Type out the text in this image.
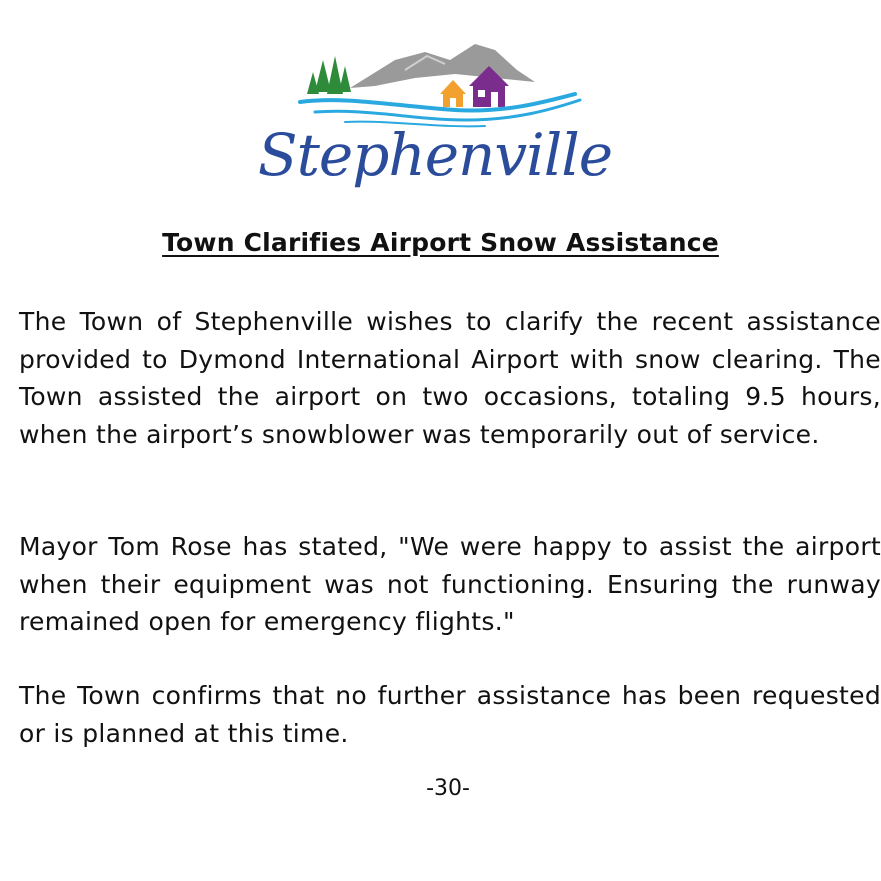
Stephenville
Town Clarifies Airport Snow Assistance
The Town of Stephenville wishes to clarify the recent assistance provided to Dymond International Airport with snow clearing. The Town assisted the airport on two occasions, totaling 9.5 hours, when the airport’s snowblower was temporarily out of service.
Mayor Tom Rose has stated, "We were happy to assist the airport when their equipment was not functioning. Ensuring the runway remained open for emergency flights."
The Town confirms that no further assistance has been requested or is planned at this time.
-30-
